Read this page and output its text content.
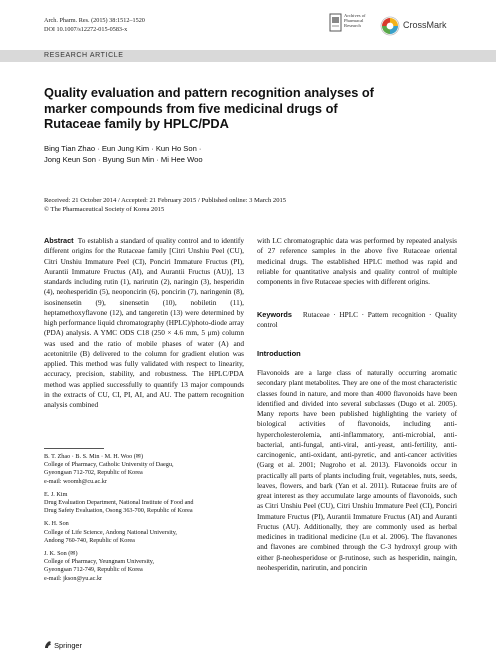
Arch. Pharm. Res. (2015) 38:1512–1520
DOI 10.1007/s12272-015-0583-x
Archives of Pharmacal Research	CrossMark
RESEARCH ARTICLE
Quality evaluation and pattern recognition analyses of marker compounds from five medicinal drugs of Rutaceae family by HPLC/PDA
Bing Tian Zhao · Eun Jung Kim · Kun Ho Son ·
Jong Keun Son · Byung Sun Min · Mi Hee Woo
Received: 21 October 2014 / Accepted: 21 February 2015 / Published online: 3 March 2015
© The Pharmaceutical Society of Korea 2015
Abstract To establish a standard of quality control and to identify different origins for the Rutaceae family [Citri Unshiu Peel (CU), Citri Unshiu Immature Peel (CI), Ponciri Immature Fructus (PI), Aurantii Immature Fructus (AI), and Aurantii Fructus (AU)], 13 standards including rutin (1), narirutin (2), naringin (3), hesperidin (4), neohesperidin (5), neoponcirin (6), poncirin (7), naringenin (8), isosinensetin (9), sinensetin (10), nobiletin (11), heptamethoxyflavone (12), and tangeretin (13) were determined by high performance liquid chromatography (HPLC)/photo-diode array (PDA) analysis. A YMC ODS C18 (250 × 4.6 mm, 5 μm) column was used and the ratio of mobile phases of water (A) and acetonitrile (B) delivered to the column for gradient elution was applied. This method was fully validated with respect to linearity, accuracy, precision, stability, and robustness. The HPLC/PDA method was applied successfully to quantify 13 major compounds in the extracts of CU, CI, PI, AI, and AU. The pattern recognition analysis combined
B. T. Zhao · B. S. Min · M. H. Woo (✉)
College of Pharmacy, Catholic University of Daegu,
Gyeongsan 712-702, Republic of Korea
e-mail: woomh@cu.ac.kr
E. J. Kim
Drug Evaluation Department, National Institute of Food and
Drug Safety Evaluation, Osong 363-700, Republic of Korea
K. H. Son
College of Life Science, Andong National University,
Andong 760-740, Republic of Korea
J. K. Son (✉)
College of Pharmacy, Yeungnam University,
Gyeongsan 712-749, Republic of Korea
e-mail: jkson@yu.ac.kr
with LC chromatographic data was performed by repeated analysis of 27 reference samples in the above five Rutaceae oriental medicinal drugs. The established HPLC method was rapid and reliable for quantitative analysis and quality control of multiple components in five Rutaceae species with different origins.
Keywords Rutaceae · HPLC · Pattern recognition · Quality control
Introduction
Flavonoids are a large class of naturally occurring aromatic secondary plant metabolites. They are one of the most characteristic classes found in nature, and more than 4000 flavonoids have been identified and divided into several subclasses (Dugo et al. 2005). Many reports have been published highlighting the variety of biological activities of flavonoids, including anti-hypercholesterolemia, anti-inflammatory, anti-microbial, anti-bacterial, anti-fungal, anti-viral, anti-yeast, anti-fertility, anti-carcinogenic, anti-oxidant, anti-pyretic, and anti-cancer activities (Garg et al. 2001; Nugroho et al. 2013). Flavonoids occur in practically all parts of plants including fruit, vegetables, nuts, seeds, leaves, flowers, and bark (Yan et al. 2011). Rutaceae fruits are of great interest as they accumulate large amounts of flavonoids, such as Citri Unshiu Peel (CU), Citri Unshiu Immature Peel (CI), Ponciri Immature Fructus (PI), Aurantii Immature Fructus (AI) and Auranti Fructus (AU). Additionally, they are commonly used as herbal medicines in traditional medicine (Lu et al. 2006). The flavanones and flavones are combined through the C-3 hydroxyl group with either β-neohesperidose or β-rutinose, such as hesperidin, naingin, neohesperidin, narirutin, and poncirin
Springer
